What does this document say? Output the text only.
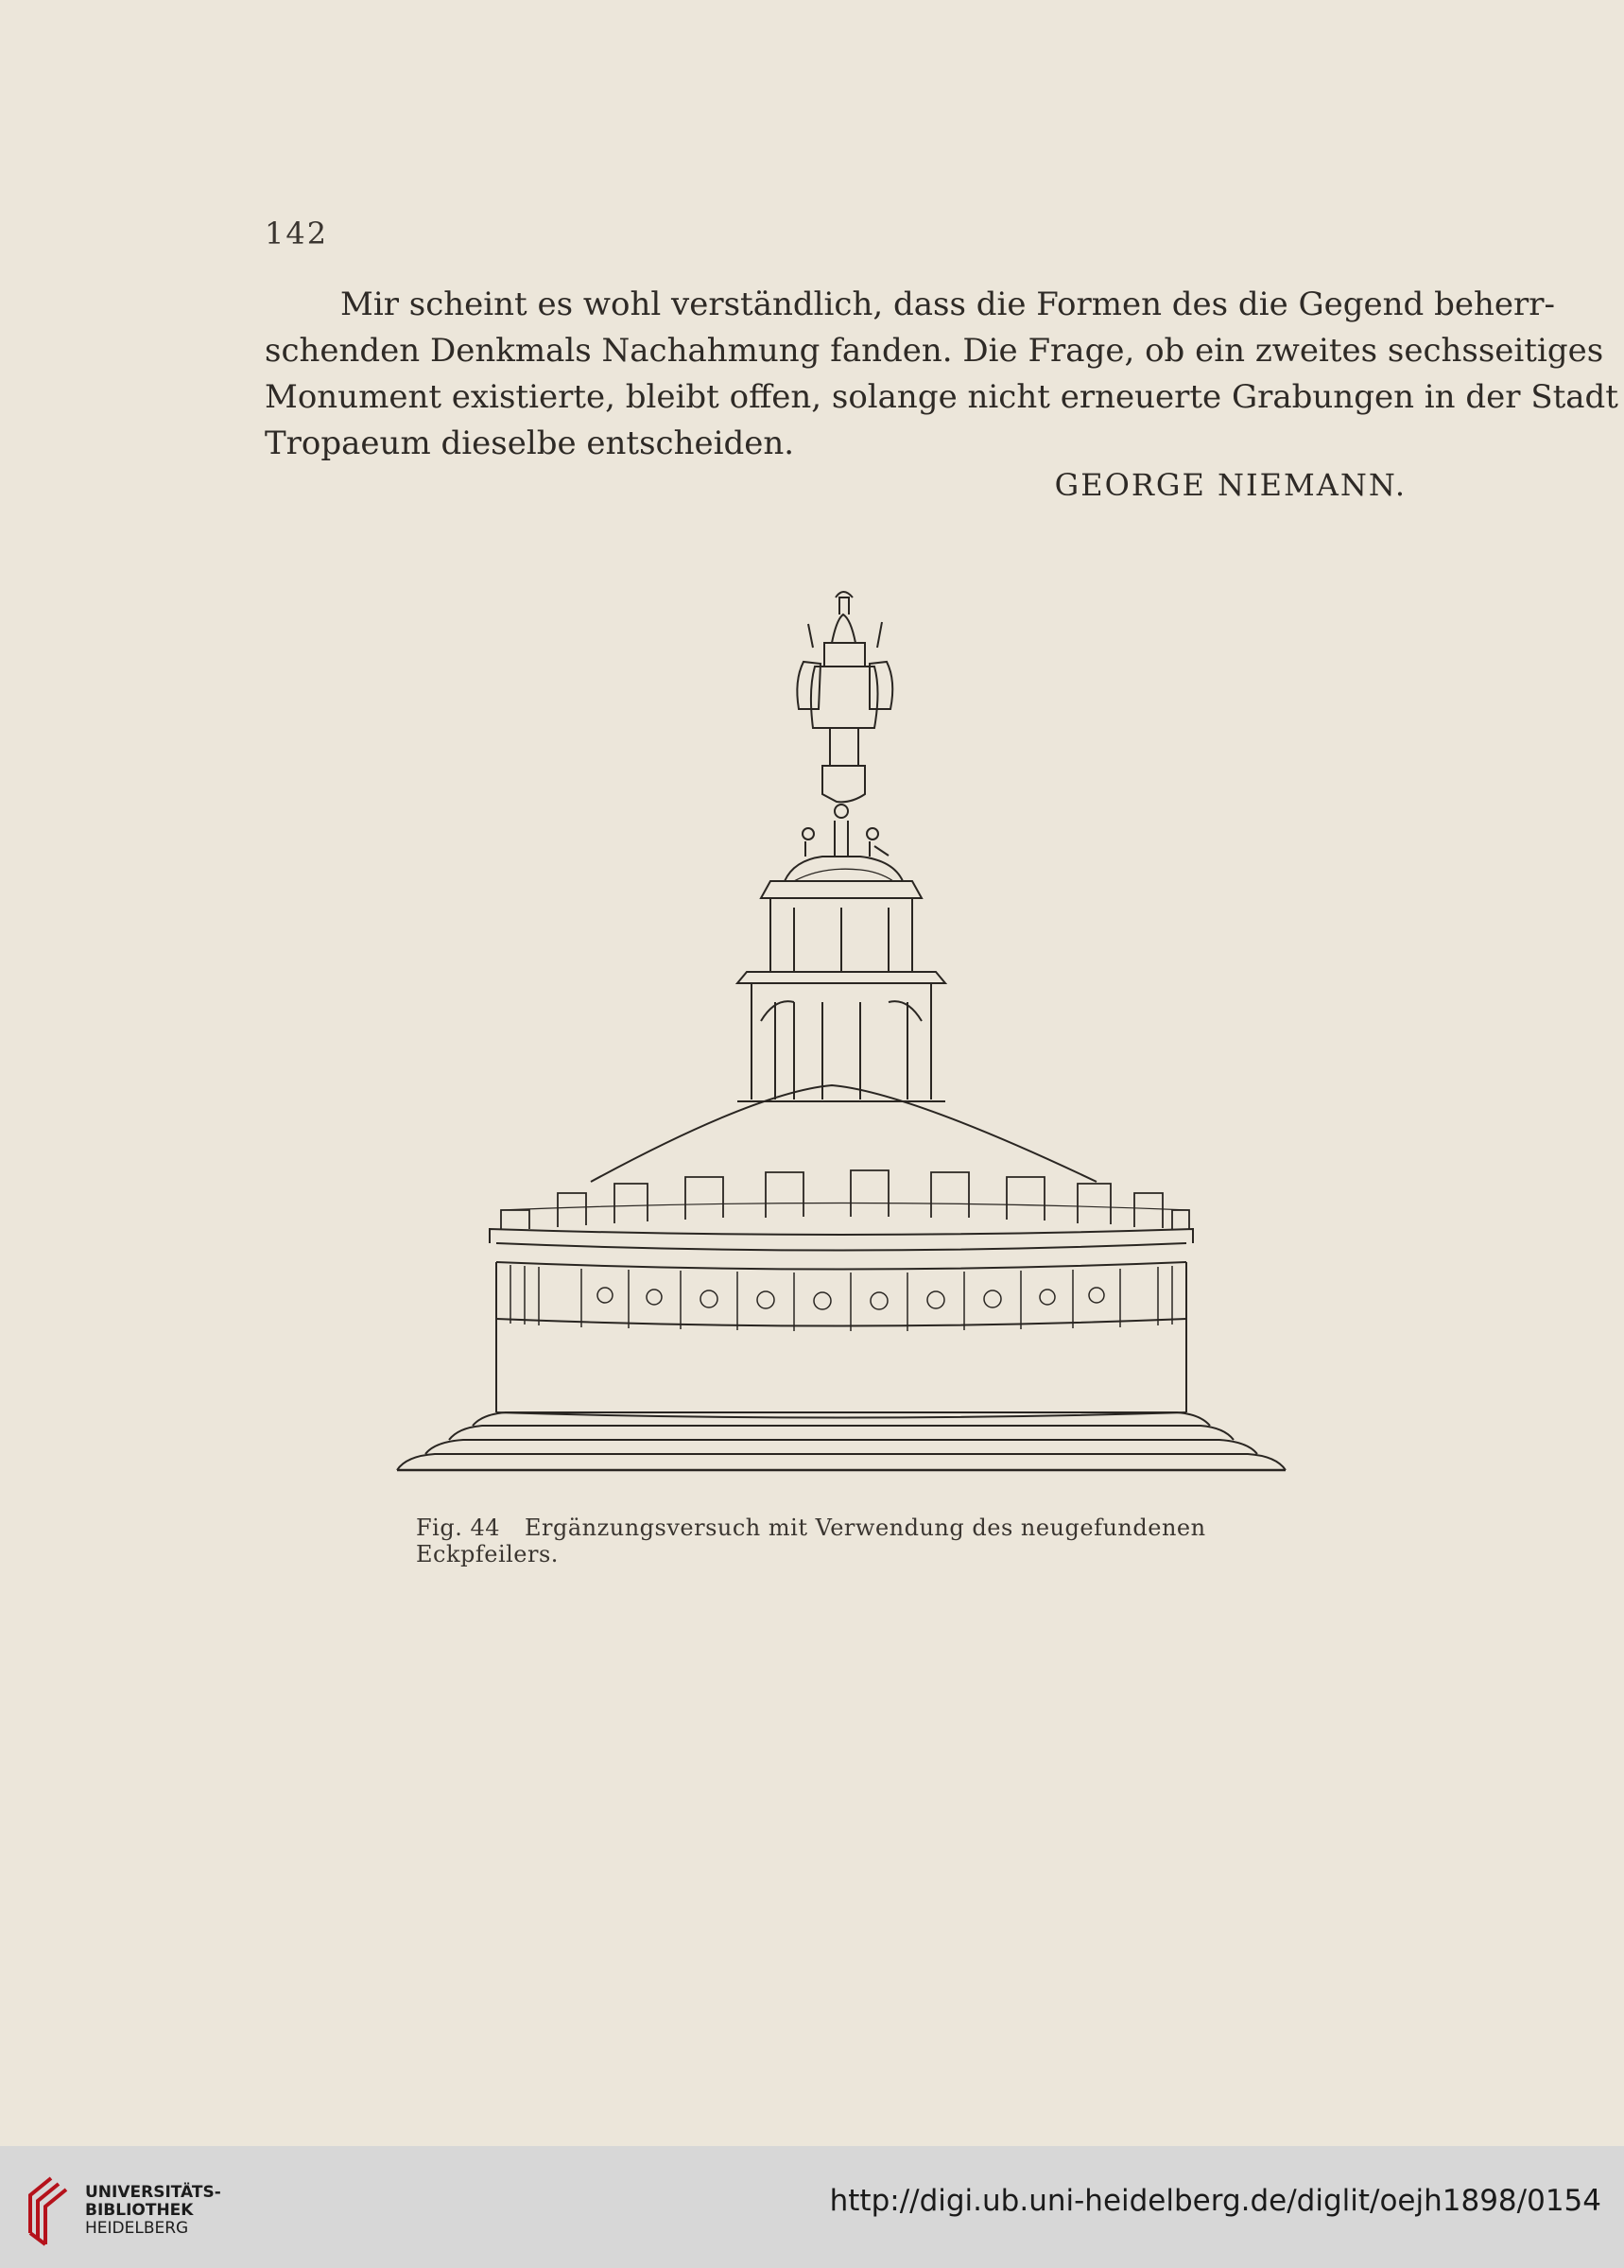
142
Mir scheint es wohl verständlich, dass die Formen des die Gegend beherr-
schenden Denkmals Nachahmung fanden. Die Frage, ob ein zweites sechsseitiges
Monument existierte, bleibt offen, solange nicht erneuerte Grabungen in der Stadt
Tropaeum dieselbe entscheiden.
GEORGE NIEMANN.
Fig. 44 Ergänzungsversuch mit Verwendung des neugefundenen Eckpfeilers.
UNIVERSITÄTS-
BIBLIOTHEK
HEIDELBERG
http://digi.ub.uni-heidelberg.de/diglit/oejh1898/0154
